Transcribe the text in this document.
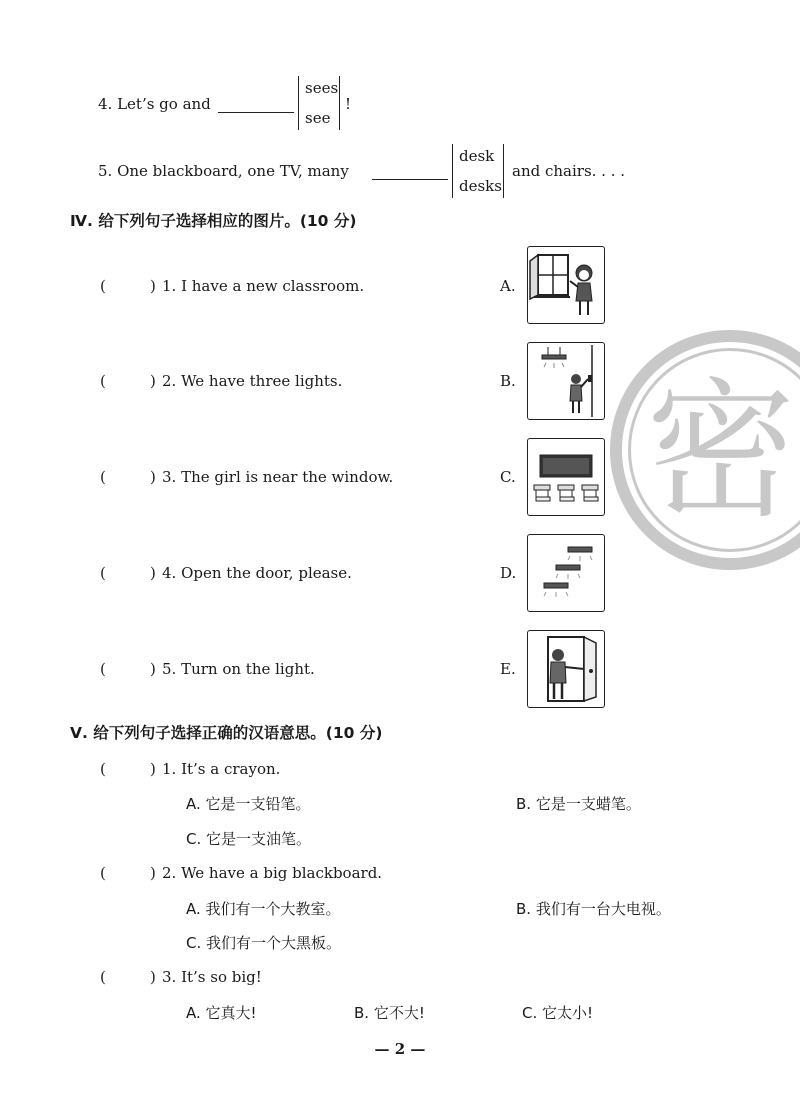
4. Let’s go and
sees
see
!
5. One blackboard, one TV, many
desk
desks
and chairs. . . .
密
Ⅳ. 给下列句子选择相应的图片。(10 分)
(	) 1. I have a new classroom.
(	) 2. We have three lights.
(	) 3. The girl is near the window.
(	) 4. Open the door, please.
(	) 5. Turn on the light.
A.
B.
C.
D.
E.
Ⅴ. 给下列句子选择正确的汉语意思。(10 分)
(	) 1. It’s a crayon.
A. 它是一支铅笔。	B. 它是一支蜡笔。
C. 它是一支油笔。
(	) 2. We have a big blackboard.
A. 我们有一个大教室。	B. 我们有一台大电视。
C. 我们有一个大黑板。
(	) 3. It’s so big!
A. 它真大!	B. 它不大!	C. 它太小!
— 2 —
